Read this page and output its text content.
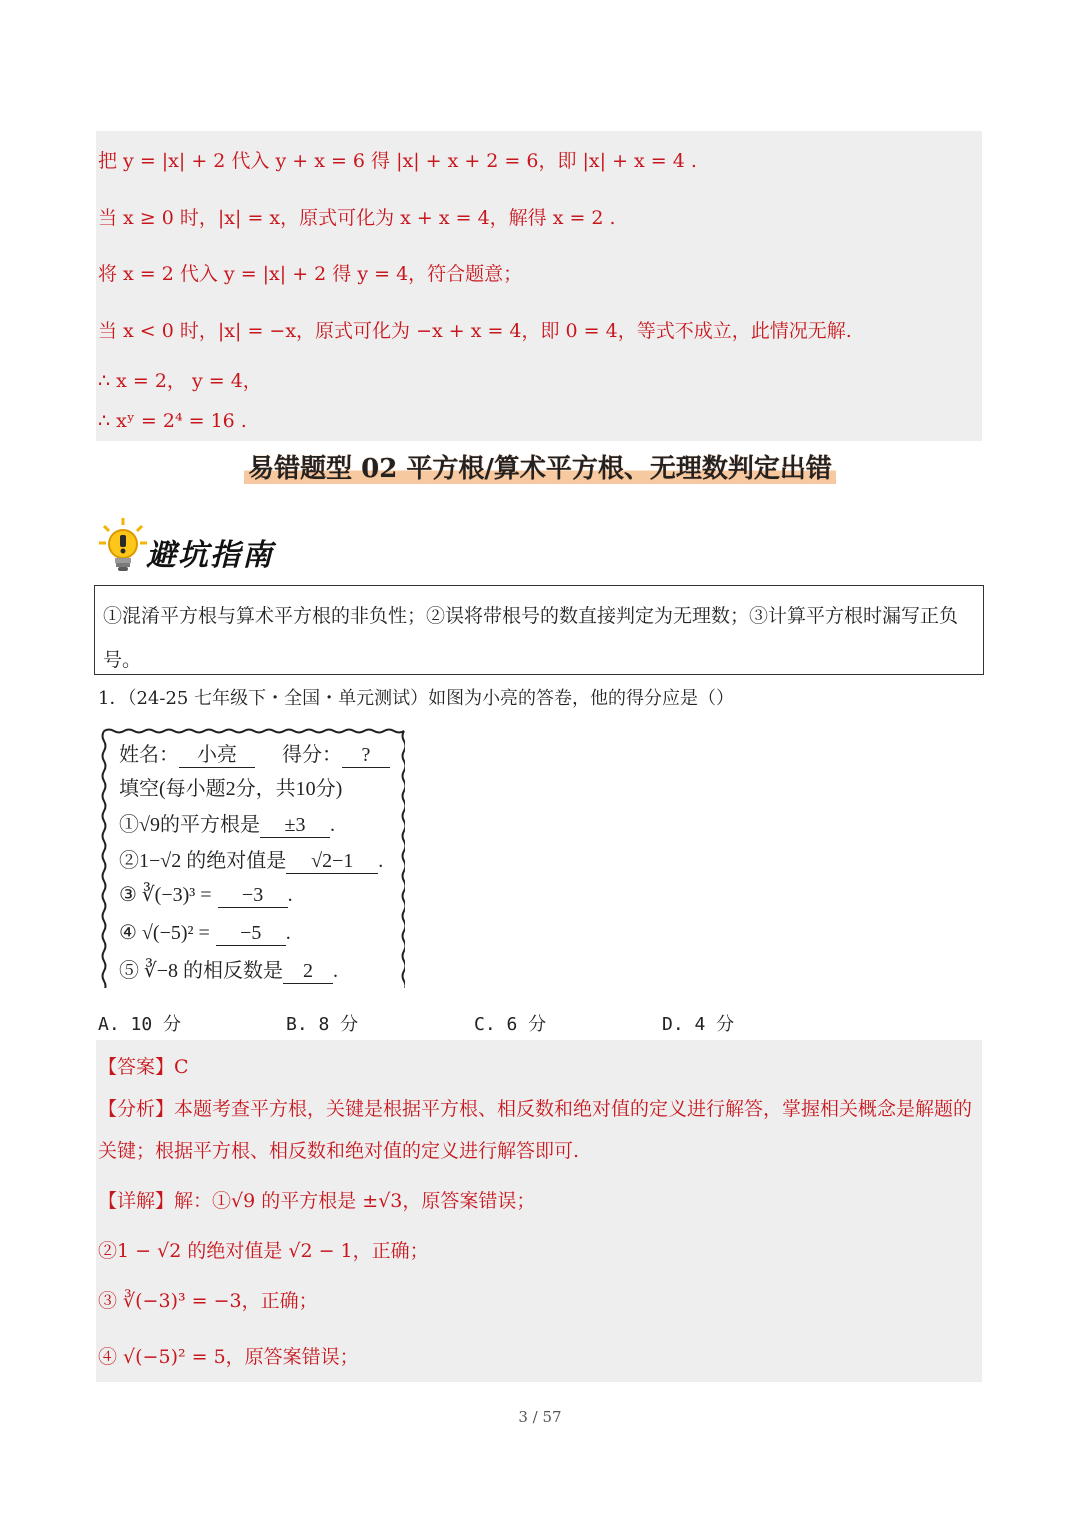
把 y = |x| + 2 代入 y + x = 6 得 |x| + x + 2 = 6，即 |x| + x = 4 .
当 x ≥ 0 时，|x| = x，原式可化为 x + x = 4，解得 x = 2 .
将 x = 2 代入 y = |x| + 2 得 y = 4，符合题意；
当 x < 0 时，|x| = −x，原式可化为 −x + x = 4，即 0 = 4，等式不成立，此情况无解.
∴ x = 2， y = 4，
∴ xʸ = 2⁴ = 16 .
易错题型 02 平方根/算术平方根、无理数判定出错
避坑指南
①混淆平方根与算术平方根的非负性；②误将带根号的数直接判定为无理数；③计算平方根时漏写正负号。
1．（24-25 七年级下・全国・单元测试）如图为小亮的答卷，他的得分应是（）
姓名： 小亮 得分： ?
填空(每小题2分，共10分)
①√9的平方根是 ±3 .
②1−√2 的绝对值是 √2−1 .
③ ∛(−3)³ = −3 .
④ √(−5)² = −5 .
⑤ ∛−8 的相反数是 2 .
A. 10 分	B. 8 分	C. 6 分	D. 4 分
【答案】C
【分析】本题考查平方根，关键是根据平方根、相反数和绝对值的定义进行解答，掌握相关概念是解题的
关键；根据平方根、相反数和绝对值的定义进行解答即可.
【详解】解：①√9 的平方根是 ±√3，原答案错误；
②1 − √2 的绝对值是 √2 − 1，正确；
③ ∛(−3)³ = −3，正确；
④ √(−5)² = 5，原答案错误；
3 / 57
